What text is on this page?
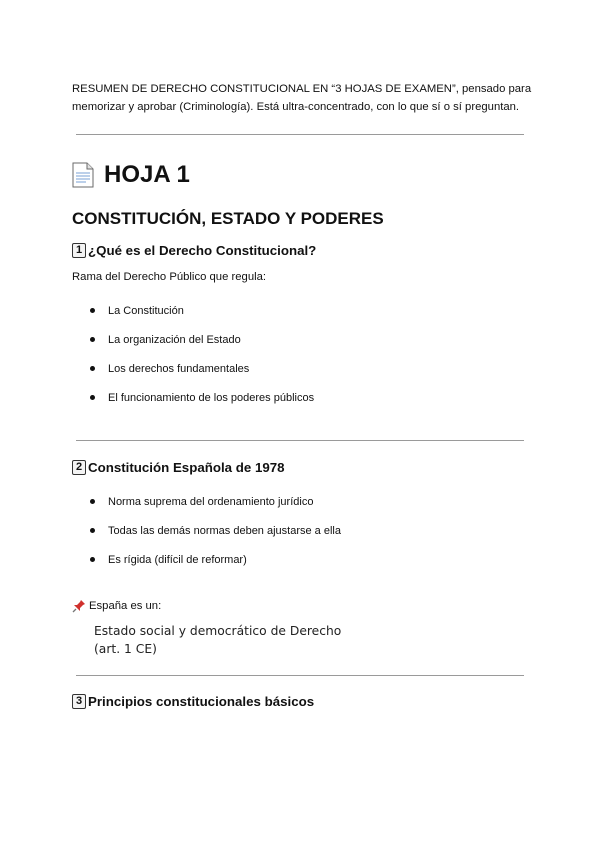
RESUMEN DE DERECHO CONSTITUCIONAL EN “3 HOJAS DE EXAMEN”, pensado para
memorizar y aprobar (Criminología). Está ultra-concentrado, con lo que sí o sí preguntan.

HOJA 1
CONSTITUCIÓN, ESTADO Y PODERES
1 ¿Qué es el Derecho Constitucional?

Rama del Derecho Público que regula:

La Constitución
La organización del Estado
Los derechos fundamentales
El funcionamiento de los poderes públicos
2 Constitución Española de 1978
Norma suprema del ordenamiento jurídico
Todas las demás normas deben ajustarse a ella
Es rígida (difícil de reformar)
España es un:

Estado social y democrático de Derecho
(art. 1 CE)

3 Principios constitucionales básicos
